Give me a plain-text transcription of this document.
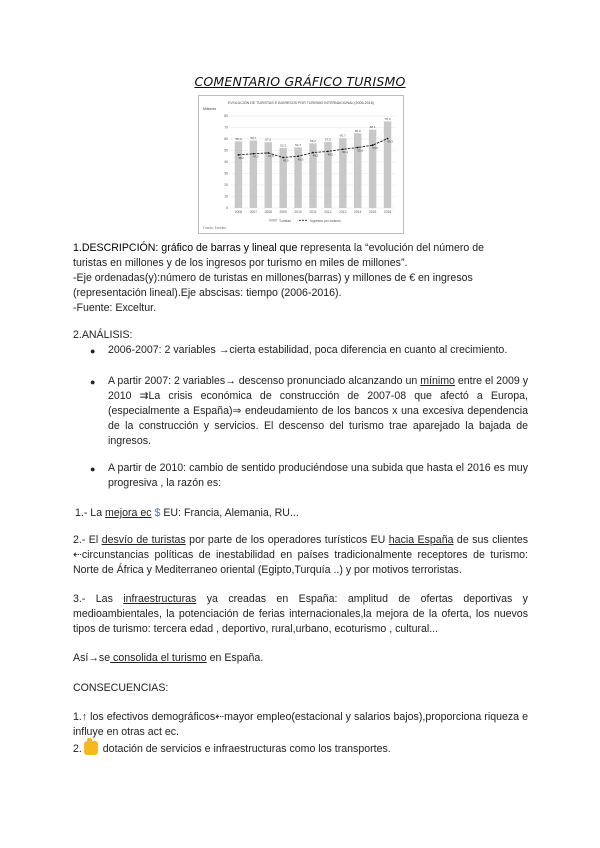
COMENTARIO GRÁFICO TURISMO
EVOLUCIÓN DE TURISTAS E INGRESOS POR TURISMO INTERNACIONAL (2006-2016)
Millones
0
10
20
30
40
50
60
70
80
58,0	58,7	57,2
52,2	52,7
56,2	57,5
60,7
65,0
68,1
75,3
2006 2007 2008 2009 2010 2011 2012 2013 2014 2015 2016
46,2	47,2	47,9
43,9	45,0
48,2	49,2
51,1	52,6
54,6
60,3
Turistas	Ingresos por turismo
Fuente: Exceltur.
1.DESCRIPCIÓN: gráfico de barras y lineal que representa la “evolución del número de
turistas en millones y de los ingresos por turismo en miles de millones”.
-Eje ordenadas(y):número de turistas en millones(barras) y millones de € en ingresos
(representación lineal).Eje abscisas: tiempo (2006-2016).
-Fuente: Exceltur.
2.ANÁLISIS:
● 2006-2007: 2 variables →cierta estabilidad, poca diferencia en cuanto al crecimiento.
● A partir 2007: 2 variables→ descenso pronunciado alcanzando un mínimo entre el 2009 y 2010 ⇉La crisis económica de construcción de 2007-08 que afectó a Europa, (especialmente a España)⇒ endeudamiento de los bancos x una excesiva dependencia de la construcción y servicios. El descenso del turismo trae aparejado la bajada de ingresos.
● A partir de 2010: cambio de sentido produciéndose una subida que hasta el 2016 es muy progresiva , la razón es:
1.- La mejora ec $ EU: Francia, Alemania, RU...
2.- El desvío de turistas por parte de los operadores turísticos EU hacia España de sus clientes ⇠circunstancias políticas de inestabilidad en países tradicionalmente receptores de turismo: Norte de África y Mediterraneo oriental (Egipto,Turquía ..) y por motivos terroristas.
3.- Las infraestructuras ya creadas en España: amplitud de ofertas deportivas y medioambientales, la potenciación de ferias internacionales,la mejora de la oferta, los nuevos tipos de turismo: tercera edad , deportivo, rural,urbano, ecoturismo , cultural...
Así→se consolida el turismo en España.
CONSECUENCIAS:
1.↑ los efectivos demográficos⇠mayor empleo(estacional y salarios bajos),proporciona riqueza e influye en otras act ec.
2. dotación de servicios e infraestructuras como los transportes.
